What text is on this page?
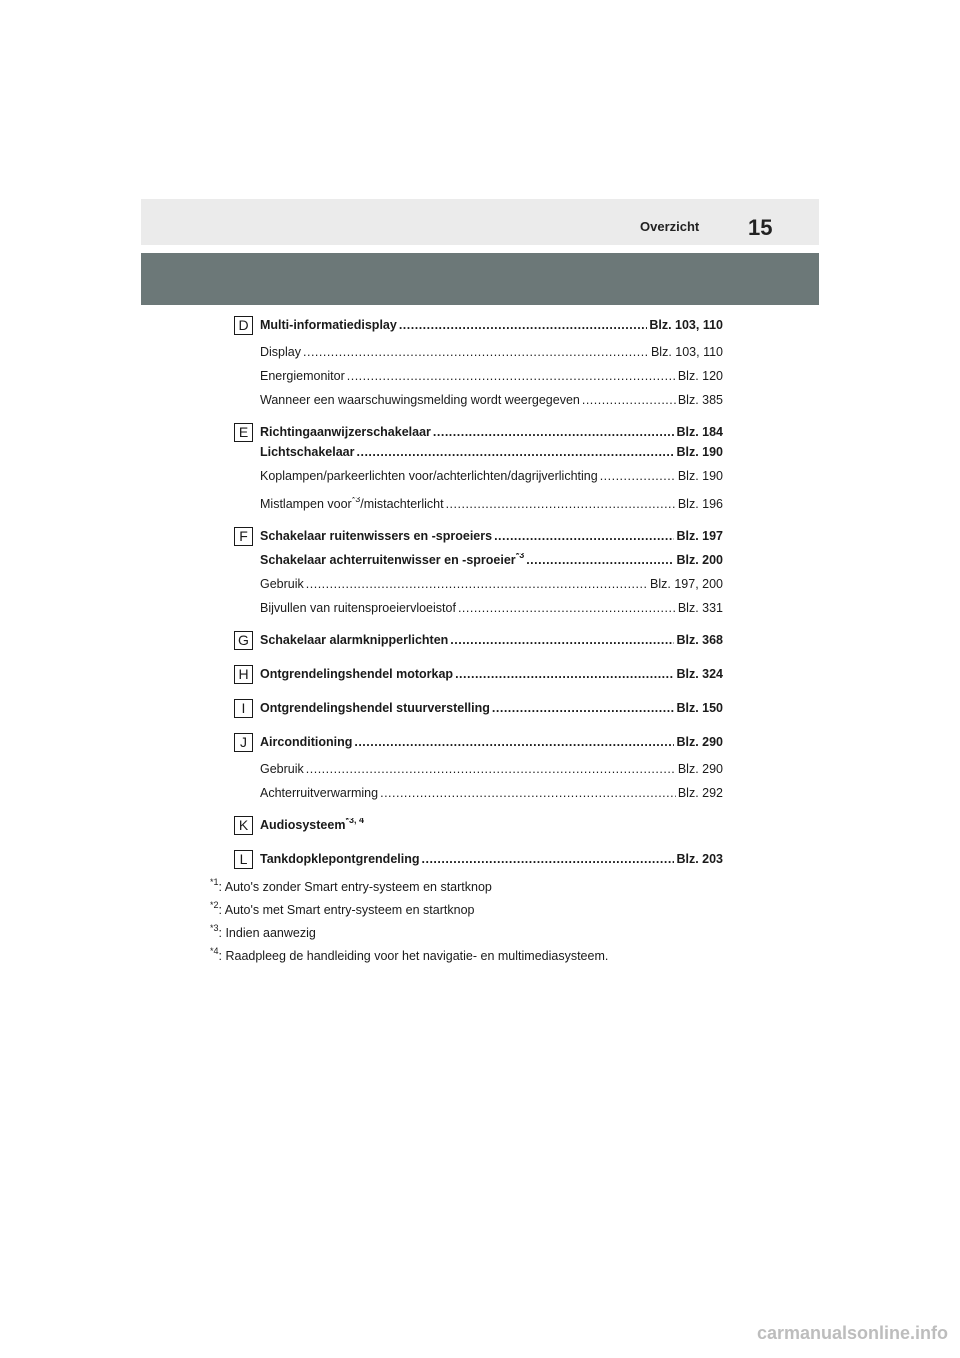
Overzicht 15
D Multi-informatiedisplay .....	Blz. 103, 110
Display .....	Blz. 103, 110
Energiemonitor .....	Blz. 120
Wanneer een waarschuwingsmelding wordt weergegeven .....	Blz. 385
E Richtingaanwijzerschakelaar .....	Blz. 184
Lichtschakelaar .....	Blz. 190
Koplampen/parkeerlichten voor/achterlichten/dagrijverlichting .....	Blz. 190
Mistlampen voor$^{*3}$/mistachterlicht .....	Blz. 196
F Schakelaar ruitenwissers en -sproeiers .....	Blz. 197
Schakelaar achterruitenwisser en -sproeier$^{*3}$ .....	Blz. 200
Gebruik .....	Blz. 197, 200
Bijvullen van ruitensproeiervloeistof .....	Blz. 331
G Schakelaar alarmknipperlichten .....	Blz. 368
H Ontgrendelingshendel motorkap .....	Blz. 324
I	Ontgrendelingshendel stuurverstelling .....	Blz. 150
J	Airconditioning .....	Blz. 290
Gebruik .....	Blz. 290
Achterruitverwarming .....	Blz. 292
K Audiosysteem$^{*3, 4}$
L	Tankdopklepontgrendeling .....	Blz. 203
$^{*1}$: Auto's zonder Smart entry-systeem en startknop
$^{*2}$: Auto's met Smart entry-systeem en startknop
$^{*3}$: Indien aanwezig
$^{*4}$: Raadpleeg de handleiding voor het navigatie- en multimediasysteem.
carmanualsonline.info
